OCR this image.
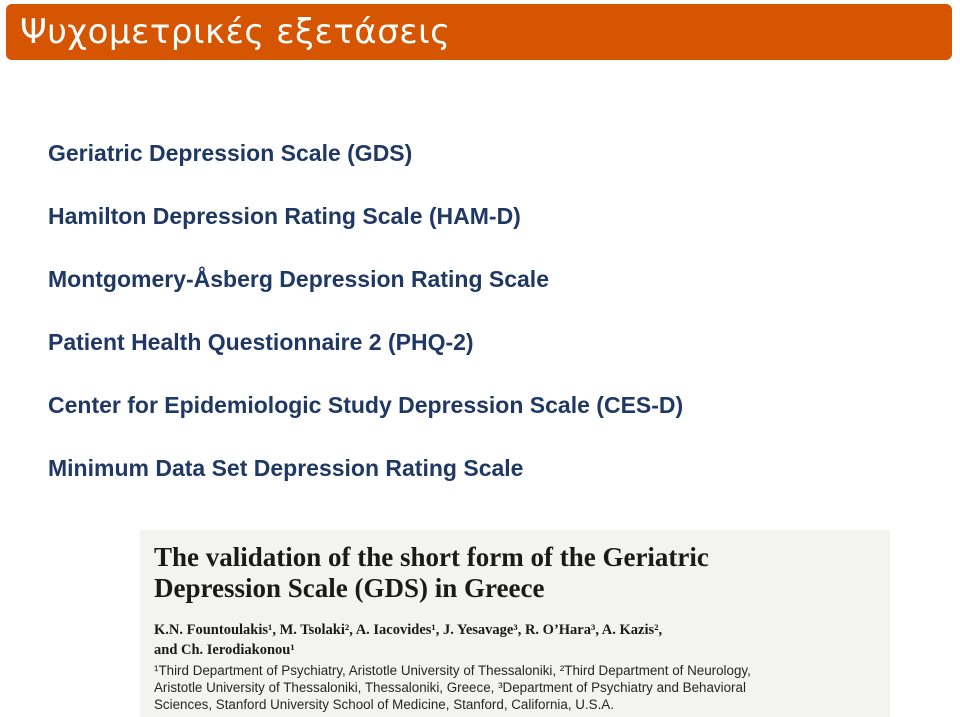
Ψυχομετρικές εξετάσεις
Geriatric Depression Scale (GDS)
Hamilton Depression Rating Scale (HAM-D)
Montgomery-Åsberg Depression Rating Scale
Patient Health Questionnaire 2 (PHQ-2)
Center for Epidemiologic Study Depression Scale (CES-D)
Minimum Data Set Depression Rating Scale
The validation of the short form of the Geriatric
Depression Scale (GDS) in Greece
K.N. Fountoulakis¹, M. Tsolaki², A. Iacovides¹, J. Yesavage³, R. O’Hara³, A. Kazis²,
and Ch. Ierodiakonou¹
¹Third Department of Psychiatry, Aristotle University of Thessaloniki, ²Third Department of Neurology,
Aristotle University of Thessaloniki, Thessaloniki, Greece, ³Department of Psychiatry and Behavioral
Sciences, Stanford University School of Medicine, Stanford, California, U.S.A.
